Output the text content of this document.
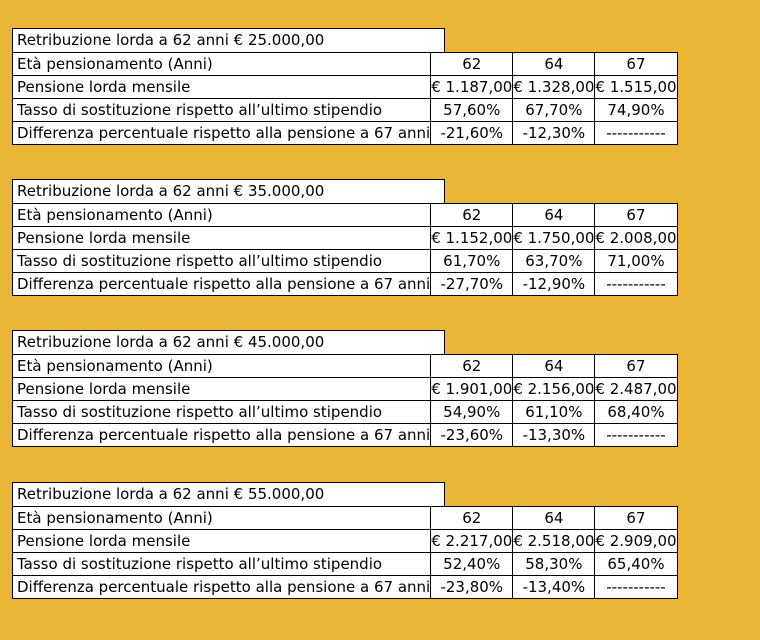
Retribuzione lorda a 62 anni € 25.000,00
Età pensionamento (Anni)	62	64	67
Pensione lorda mensile	€ 1.187,00	€ 1.328,00	€ 1.515,00
Tasso di sostituzione rispetto all’ultimo stipendio	57,60%	67,70%	74,90%
Differenza percentuale rispetto alla pensione a 67 anni	-21,60%	-12,30%	-----------
Retribuzione lorda a 62 anni € 35.000,00
Età pensionamento (Anni)	62	64	67
Pensione lorda mensile	€ 1.152,00	€ 1.750,00	€ 2.008,00
Tasso di sostituzione rispetto all’ultimo stipendio	61,70%	63,70%	71,00%
Differenza percentuale rispetto alla pensione a 67 anni	-27,70%	-12,90%	-----------
Retribuzione lorda a 62 anni € 45.000,00
Età pensionamento (Anni)	62	64	67
Pensione lorda mensile	€ 1.901,00	€ 2.156,00	€ 2.487,00
Tasso di sostituzione rispetto all’ultimo stipendio	54,90%	61,10%	68,40%
Differenza percentuale rispetto alla pensione a 67 anni	-23,60%	-13,30%	-----------
Retribuzione lorda a 62 anni € 55.000,00
Età pensionamento (Anni)	62	64	67
Pensione lorda mensile	€ 2.217,00	€ 2.518,00	€ 2.909,00
Tasso di sostituzione rispetto all’ultimo stipendio	52,40%	58,30%	65,40%
Differenza percentuale rispetto alla pensione a 67 anni	-23,80%	-13,40%	-----------
